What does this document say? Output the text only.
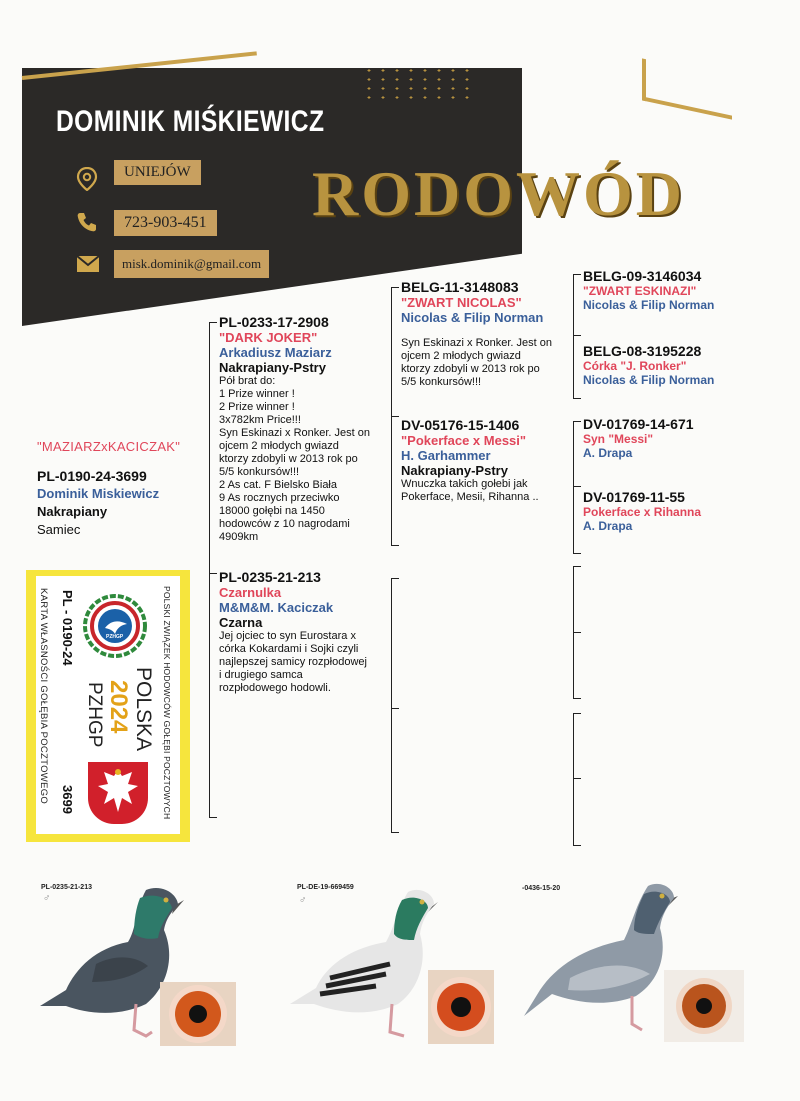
DOMINIK MIŚKIEWICZ
UNIEJÓW
723-903-451
misk.dominik@gmail.com
RODOWÓD
"MAZIARZxKACICZAK"
PL-0190-24-3699
Dominik Miskiewicz
Nakrapiany
Samiec
PL-0233-17-2908
"DARK JOKER"
Arkadiusz Maziarz
Nakrapiany-Pstry
Pół brat do:
1 Prize winner !
2 Prize winner !
3x782km Price!!!
Syn Eskinazi x Ronker. Jest on
ojcem 2 młodych gwiazd
ktorzy zdobyli w 2013 rok po
5/5 konkursów!!!
2 As cat. F Bielsko Biała
9 As rocznych przeciwko
18000 gołębi na 1450
hodowców z 10 nagrodami
4909km
PL-0235-21-213
Czarnulka
M&M&M. Kaciczak
Czarna
Jej ojciec to syn Eurostara x
córka Kokardami i Sojki czyli
najlepszej samicy rozpłodowej
i drugiego samca
rozpłodowego hodowli.
BELG-11-3148083
"ZWART NICOLAS"
Nicolas & Filip Norman
Syn Eskinazi x Ronker. Jest on
ojcem 2 młodych gwiazd
ktorzy zdobyli w 2013 rok po
5/5 konkursów!!!
DV-05176-15-1406
"Pokerface x Messi"
H. Garhammer
Nakrapiany-Pstry
Wnuczka takich gołebi jak
Pokerface, Mesii, Rihanna ..
BELG-09-3146034
"ZWART ESKINAZI"
Nicolas & Filip Norman
BELG-08-3195228
Córka "J. Ronker"
Nicolas & Filip Norman
DV-01769-14-671
Syn "Messi"
A. Drapa
DV-01769-11-55
Pokerface x Rihanna
A. Drapa
POLSKI ZWIĄZEK HODOWCÓW GOŁĘBI POCZTOWYCH
POLSKA
2024
PZHGP
PL - 0190-24
3699
KARTA WŁASNOŚCI GOŁĘBIA POCZTOWEGO	PZHGP
PL-0235-21-213
♂
PL-DE-19-669459
♂
-0436-15-20
